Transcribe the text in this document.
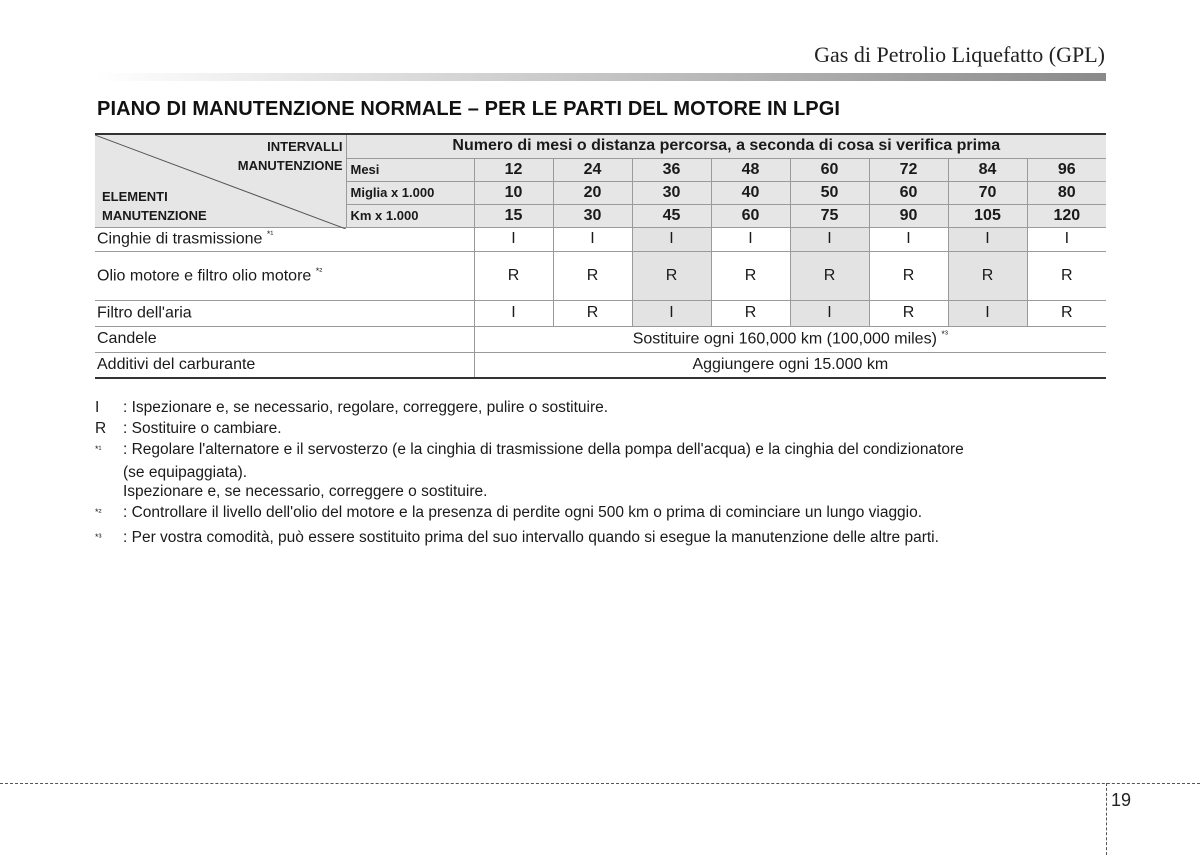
Gas di Petrolio Liquefatto (GPL)
PIANO DI MANUTENZIONE NORMALE – PER LE PARTI DEL MOTORE IN LPGI
INTERVALLI
MANUTENZIONE
ELEMENTI
MANUTENZIONE	Numero di mesi o distanza percorsa, a seconda di cosa si verifica prima								
	Mesi	12	24	36	48	60	72	84	96
	Miglia x 1.000	10	20	30	40	50	60	70	80
	Km x 1.000	15	30	45	60	75	90	105	120
Cinghie di trasmissione $^{*^1}$		I	I	I	I	I	I	I	I
Olio motore e filtro olio motore $^{*^2}$		R	R	R	R	R	R	R	R
Filtro dell'aria		I	R	I	R	I	R	I	R
Candele		Sostituire ogni 160,000 km (100,000 miles) $^{*^3}$
Additivi del carburante		Aggiungere ogni 15.000 km							
I	: Ispezionare e, se necessario, regolare, correggere, pulire o sostituire.
R	: Sostituire o cambiare.
$^{*^1}$	: Regolare l'alternatore e il servosterzo (e la cinghia di trasmissione della pompa dell'acqua) e la cinghia del condizionatore
(se equipaggiata).
Ispezionare e, se necessario, correggere o sostituire.
$^{*^2}$	: Controllare il livello dell'olio del motore e la presenza di perdite ogni 500 km o prima di cominciare un lungo viaggio.
$^{*^3}$	: Per vostra comodità, può essere sostituito prima del suo intervallo quando si esegue la manutenzione delle altre parti.
19
